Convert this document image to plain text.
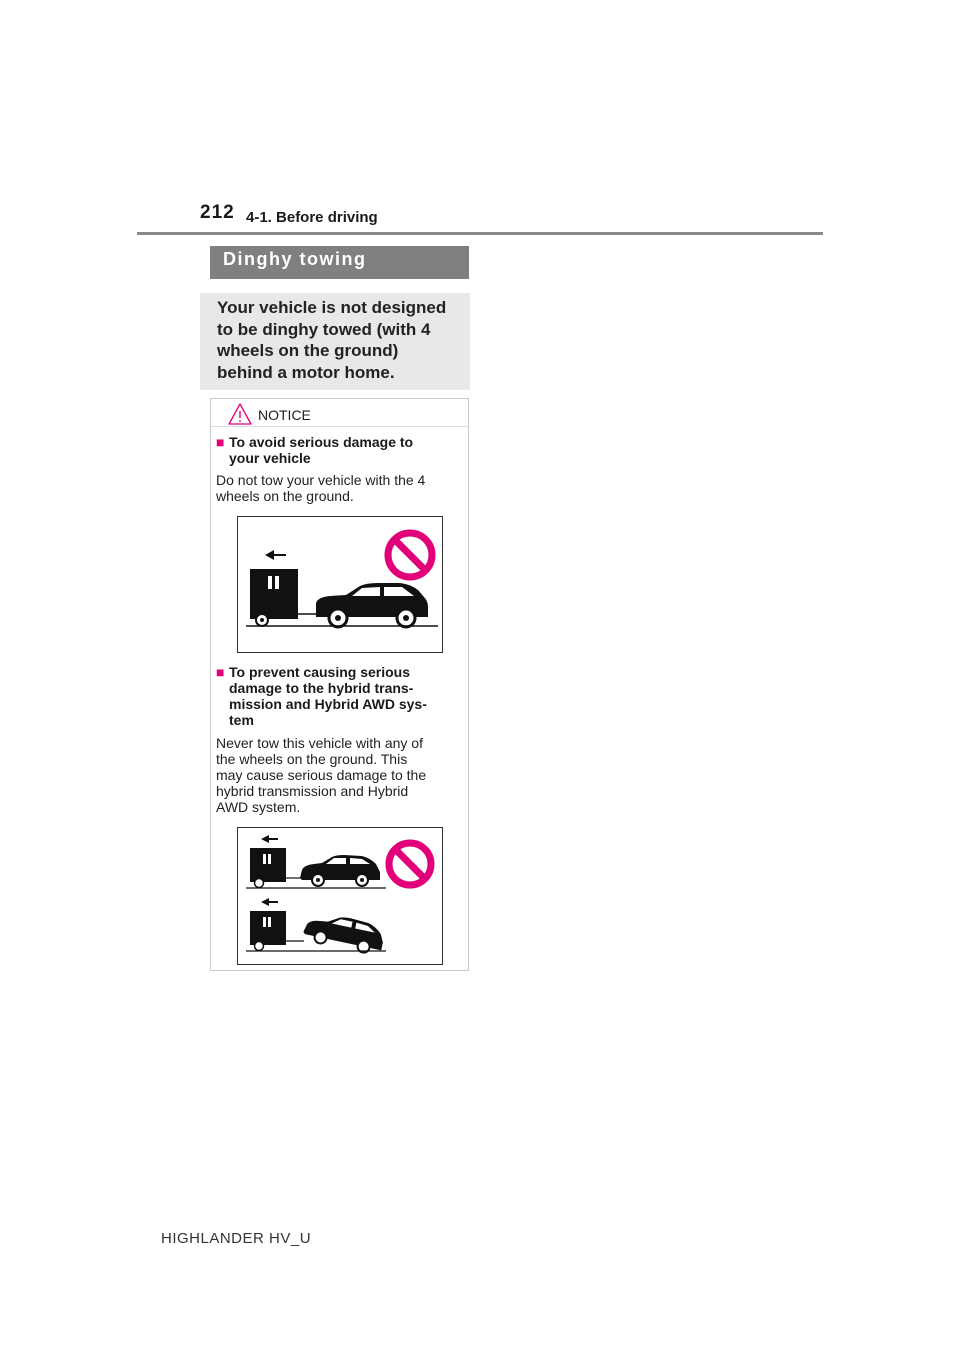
212 4-1. Before driving
Dinghy towing
Your vehicle is not designed
to be dinghy towed (with 4
wheels on the ground)
behind a motor home.
NOTICE
■ To avoid serious damage to
your vehicle
Do not tow your vehicle with the 4
wheels on the ground.
■ To prevent causing serious
damage to the hybrid trans-
mission and Hybrid AWD sys-
tem
Never tow this vehicle with any of
the wheels on the ground. This
may cause serious damage to the
hybrid transmission and Hybrid
AWD system.
HIGHLANDER HV_U
